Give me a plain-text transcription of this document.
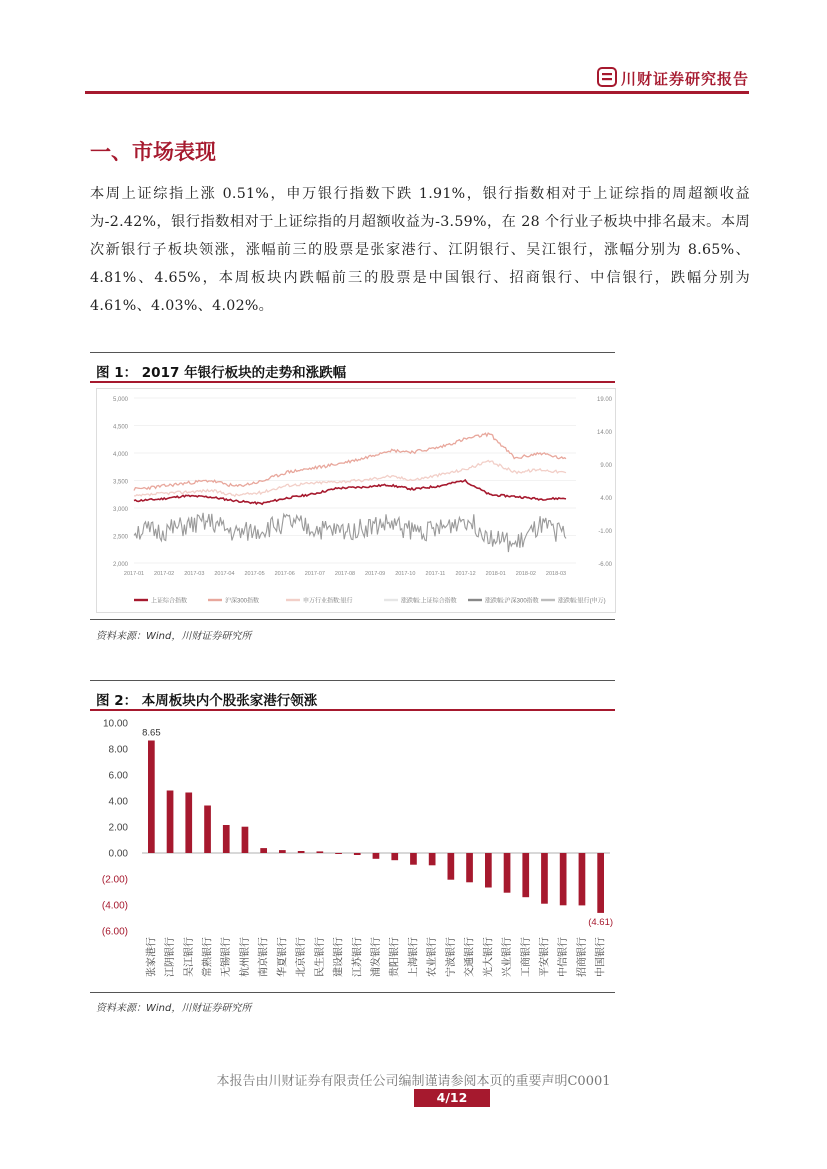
川财证券研究报告
一、市场表现
本周上证综指上涨 0.51%，申万银行指数下跌 1.91%，银行指数相对于上证综指的周超额收益为-2.42%，银行指数相对于上证综指的月超额收益为-3.59%，在 28 个行业子板块中排名最末。本周次新银行子板块领涨，涨幅前三的股票是张家港行、江阴银行、吴江银行，涨幅分别为 8.65%、4.81%、4.65%，本周板块内跌幅前三的股票是中国银行、招商银行、中信银行，跌幅分别为 4.61%、4.03%、4.02%。
图 1： 2017 年银行板块的走势和涨跌幅
5,000
4,500
4,000
3,500
3,000
2,500
2,000
19.00
14.00
9.00
4.00
-1.00
-6.00
2017-01 2017-02 2017-03 2017-04 2017-05 2017-06 2017-07 2017-08 2017-09 2017-10 2017-11 2017-12 2018-01 2018-02 2018-03
上证综合指数	沪深300指数	申万行业指数:银行	涨跌幅:上证综合指数	涨跌幅:沪深300指数	涨跌幅:银行(申万)
资料来源：Wind，川财证券研究所
图 2： 本周板块内个股张家港行领涨
10.00
8.00
6.00
4.00
2.00
0.00
(2.00)
(4.00)
(6.00)
张家港行 江阴银行 吴江银行 常熟银行 无锡银行 杭州银行 南京银行 华夏银行 北京银行 民生银行 建设银行 江苏银行 浦发银行 贵阳银行 上海银行 农业银行 宁波银行 交通银行 光大银行 兴业银行 工商银行 平安银行 中信银行 招商银行 中国银行
8.65
(4.61)
资料来源：Wind，川财证券研究所
本报告由川财证券有限责任公司编制谨请参阅本页的重要声明C0001
4/12
